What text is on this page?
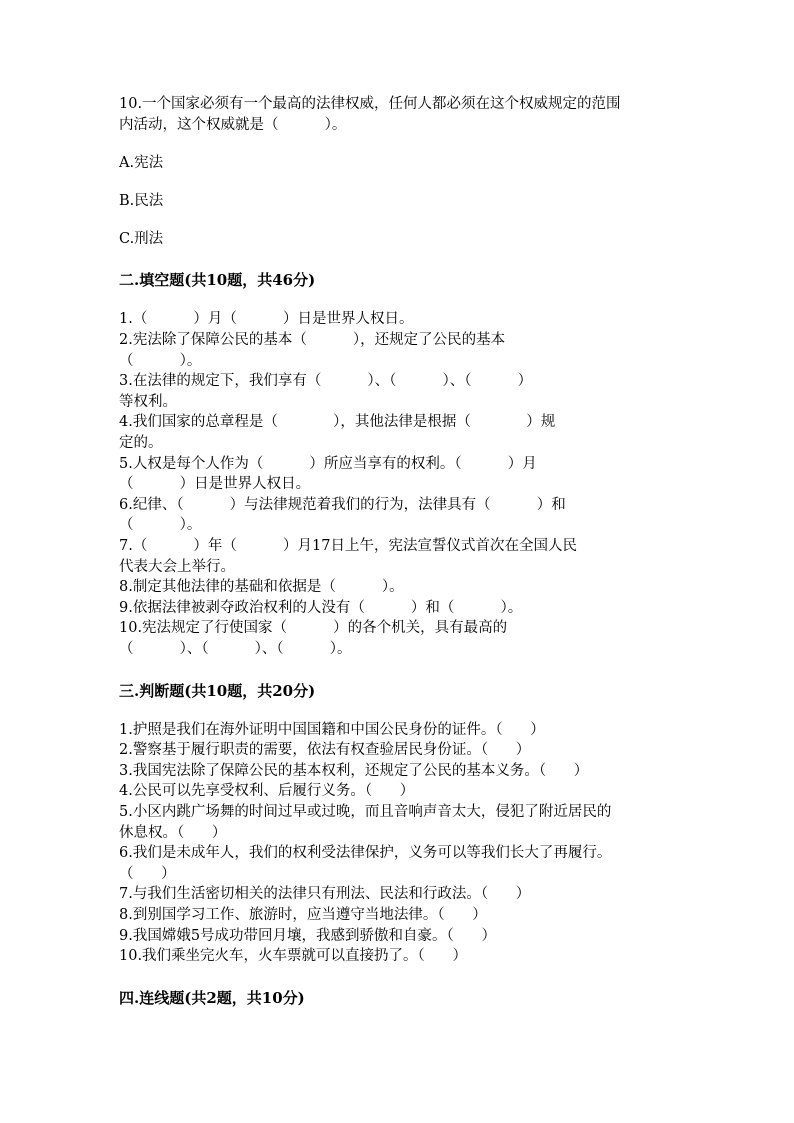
10.一个国家必须有一个最高的法律权威，任何人都必须在这个权威规定的范围

内活动，这个权威就是（          ）。

A.宪法

B.民法

C.刑法

二.填空题(共10题，共46分)

1.（          ）月（          ）日是世界人权日。

2.宪法除了保障公民的基本（          ），还规定了公民的基本

（          ）。

3.在法律的规定下，我们享有（          ）、（          ）、（          ）

等权利。

4.我们国家的总章程是（            ），其他法律是根据（            ）规

定的。

5.人权是每个人作为（          ）所应当享有的权利。（          ）月

（          ）日是世界人权日。

6.纪律、（          ）与法律规范着我们的行为，法律具有（          ）和

（          ）。

7.（          ）年（          ）月17日上午，宪法宣誓仪式首次在全国人民

代表大会上举行。

8.制定其他法律的基础和依据是（          ）。

9.依据法律被剥夺政治权利的人没有（          ）和（          ）。

10.宪法规定了行使国家（          ）的各个机关，具有最高的

（          ）、（          ）、（          ）。

三.判断题(共10题，共20分)

1.护照是我们在海外证明中国国籍和中国公民身份的证件。（      ）

2.警察基于履行职责的需要，依法有权查验居民身份证。（      ）

3.我国宪法除了保障公民的基本权利，还规定了公民的基本义务。（      ）

4.公民可以先享受权利、后履行义务。（      ）

5.小区内跳广场舞的时间过早或过晚，而且音响声音太大，侵犯了附近居民的

休息权。（      ）

6.我们是未成年人，我们的权利受法律保护，义务可以等我们长大了再履行。

（      ）

7.与我们生活密切相关的法律只有刑法、民法和行政法。（      ）

8.到别国学习工作、旅游时，应当遵守当地法律。（      ）

9.我国嫦娥5号成功带回月壤，我感到骄傲和自豪。（      ）

10.我们乘坐完火车，火车票就可以直接扔了。（      ）

四.连线题(共2题，共10分)
